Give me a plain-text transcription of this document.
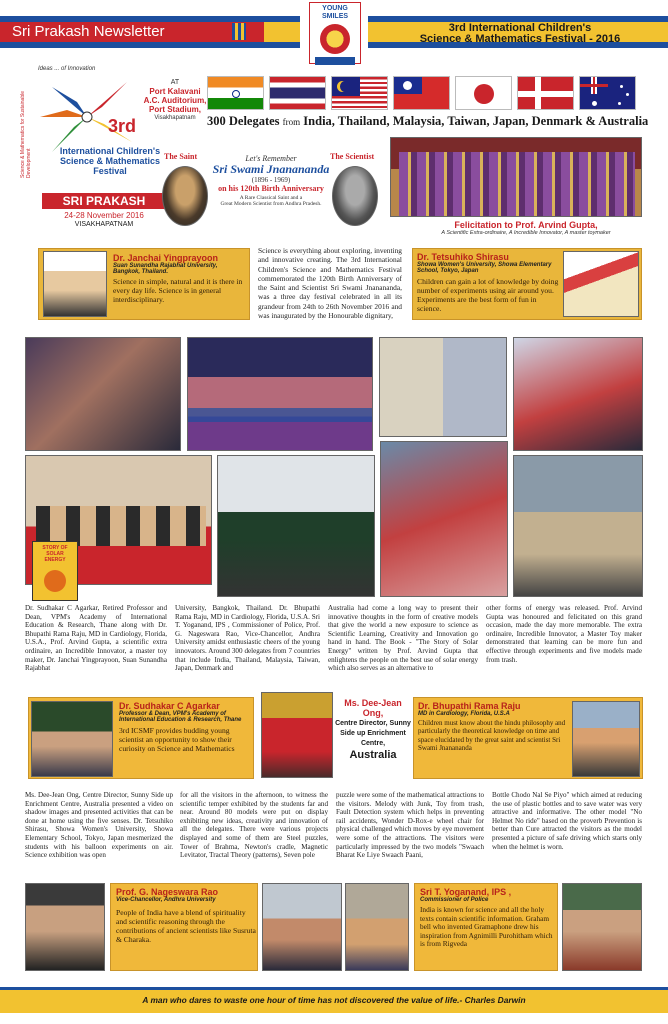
Sri Prakash Newsletter	3rd International Children's
Science & Mathematics Festival - 2016
YOUNG SMILES
Ideas ... of Innovation
Science & Mathematics for Sustainable Development
3rd
International Children's Science & Mathematics Festival
SRI PRAKASH
24-28 November 2016
VISAKHAPATNAM
AT
Port Kalavani
A.C. Auditorium,
Port Stadium,
Visakhapatnam 300 Delegates from India, Thailand, Malaysia, Taiwan, Japan, Denmark & Australia
The Saint	The Scientist
Let's Remember
Sri Swami Jnanananda
(1896 - 1969)
on his 120th Birth Anniversary
A Rare Classical Saint and a
Great Modern Scientist from Andhra Pradesh.
Felicitation to Prof. Arvind Gupta,
A Scientific Extra-ordinaire, A Incredible Innovator, A master toymaker
Dr. Janchai Yingprayoon
Suan Sunandha Rajabhat University, Bangkok, Thailand.
Science in simple, natural and it is there in every day life. Science is in general interdisciplinary.
Science is everything about exploring, inventing and innovative creating. The 3rd International Children's Science and Mathematics Festival commemorated the 120th Birth Anniversary of the Saint and Scientist Sri Swami Jnanananda, was a three day festival celebrated in all its grandeur from 24th to 26th November 2016 and was inaugurated by the Honourable dignitary,
Dr. Tetsuhiko Shirasu
Showa Women's University, Showa Elementary School, Tokyo, Japan
Children can gain a lot of knowledge by doing number of experiments using air around you. Experiments are the best form of fun in science.
STORY OF SOLAR ENERGY
Dr. Sudhakar C Agarkar, Retired Professor and Dean, VPM's Academy of International Education & Research, Thane along with Dr. Bhupathi Rama Raju, MD in Cardiology, Florida, U.S.A., Prof. Arvind Gupta, a scientific extra ordinaire, an Incredible Innovator, a master toy maker, Dr. Janchai Yingprayoon, Suan Sunandha Rajabhat
University, Bangkok, Thailand. Dr. Bhupathi Rama Raju, MD in Cardiology, Florida, U.S.A. Sri T. Yoganand, IPS , Commissioner of Police, Prof. G. Nageswara Rao, Vice-Chancellor, Andhra University amidst enthusiastic cheers of the young innovators. Around 300 delegates from 7 countries that include India, Thailand, Malaysia, Taiwan, Japan, Denmark and
Australia had come a long way to present their innovative thoughts in the form of creative models that give the world a new exposure to science as Scientific Learning, Creativity and Innovation go hand in hand. The Book - "The Story of Solar Energy" written by Prof. Arvind Gupta that enlightens the people on the best use of solar energy which also serves as an alternative to
other forms of energy was released. Prof. Arvind Gupta was honoured and felicitated on this grand occasion, made the day more memorable. The extra ordinaire, Incredible Innovator, a Master Toy maker demonstrated that learning can be more fun and effective through experiments and five models made from trash.
Dr. Sudhakar C Agarkar
Professor & Dean, VPM's Academy of International Education & Research, Thane
3rd ICSMF provides budding young scientist an opportunity to show their curiosity on Science and Mathematics
Ms. Dee-Jean Ong,
Centre Director, Sunny Side up Enrichment Centre,
Australia
Dr. Bhupathi Rama Raju
MD in Cardiology, Florida, U.S.A
Children must know about the hindu philosophy and particularly the theoretical knowledge on time and space elucidated by the great saint and scientist Sri Swami Jnanananda
Ms. Dee-Jean Ong, Centre Director, Sunny Side up Enrichment Centre, Australia presented a video on shadow images and presented activities that can be done at home using the five senses. Dr. Tetsuhiko Shirasu, Showa Women's University, Showa Elementary School, Tokyo, Japan mesmerized the students with his balloon experiments on air. Science exhibition was open
for all the visitors in the afternoon, to witness the scientific temper exhibited by the students far and near. Around 80 models were put on display exhibiting new ideas, creativity and innovation of all the delegates. There were various projects displayed and some of them are Steel puzzles, Tower of Brahma, Newton's cradle, Magnetic Levitator, Tractal Theory (patterns), Seven pole
puzzle were some of the mathematical attractions to the visitors. Melody with Junk, Toy from trash, Fault Detection system which helps in preventing rail accidents, Wonder D-Rox-e wheel chair for physical challenged which moves by eye movement were some of the attractions. The visitors were particularly impressed by the two models "Swaach Bharat Ke Liye Swaach Paani,
Bottle Chodo Nal Se Piyo" which aimed at reducing the use of plastic bottles and to save water was very attractive and informative. The other model "No Helmet No ride" based on the proverb Prevention is better than Cure attracted the visitors as the model presented a picture of safe driving which starts only when the helmet is worn.
Prof. G. Nageswara Rao
Vice-Chancellor, Andhra University
People of India have a blend of spirituality and scientific reasoning through the contributions of ancient scientists like Susruta & Charaka.
Sri T. Yoganand, IPS ,
Commissioner of Police
India is known for science and all the holy texts contain scientific information. Graham bell who invented Gramaphone drew his inspiration from Agnimilli Purohitham which is from Rigveda
A man who dares to waste one hour of time has not discovered the value of life.- Charles Darwin
